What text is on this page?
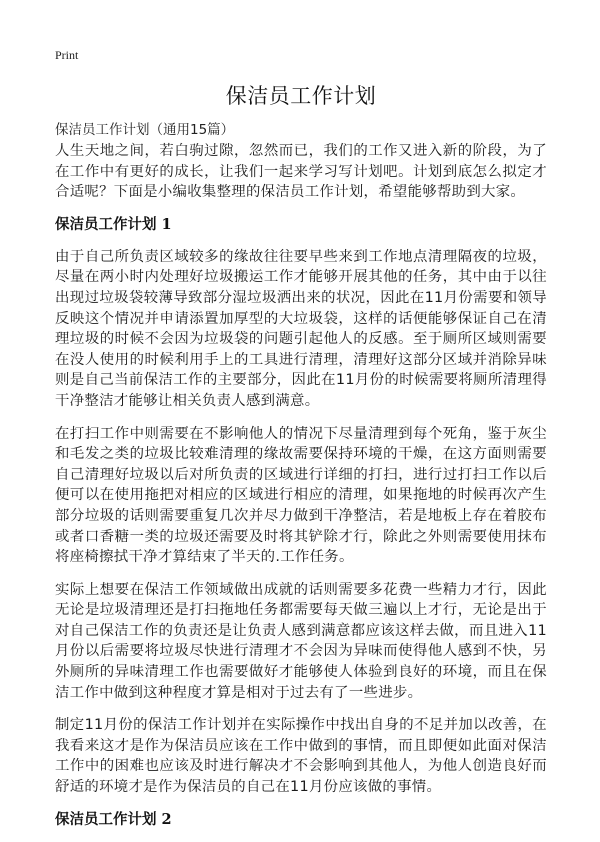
Print
保洁员工作计划
保洁员工作计划（通用15篇）

人生天地之间，若白驹过隙，忽然而已，我们的工作又进入新的阶段，为了在工作中有更好的成长，让我们一起来学习写计划吧。计划到底怎么拟定才合适呢？下面是小编收集整理的保洁员工作计划，希望能够帮助到大家。

保洁员工作计划 1

由于自己所负责区域较多的缘故往往要早些来到工作地点清理隔夜的垃圾，尽量在两小时内处理好垃圾搬运工作才能够开展其他的任务，其中由于以往出现过垃圾袋较薄导致部分湿垃圾洒出来的状况，因此在11月份需要和领导反映这个情况并申请添置加厚型的大垃圾袋，这样的话便能够保证自己在清理垃圾的时候不会因为垃圾袋的问题引起他人的反感。至于厕所区域则需要在没人使用的时候利用手上的工具进行清理，清理好这部分区域并消除异味则是自己当前保洁工作的主要部分，因此在11月份的时候需要将厕所清理得干净整洁才能够让相关负责人感到满意。

在打扫工作中则需要在不影响他人的情况下尽量清理到每个死角，鉴于灰尘和毛发之类的垃圾比较难清理的缘故需要保持环境的干燥，在这方面则需要自己清理好垃圾以后对所负责的区域进行详细的打扫，进行过打扫工作以后便可以在使用拖把对相应的区域进行相应的清理，如果拖地的时候再次产生部分垃圾的话则需要重复几次并尽力做到干净整洁，若是地板上存在着胶布或者口香糖一类的垃圾还需要及时将其铲除才行，除此之外则需要使用抹布将座椅擦拭干净才算结束了半天的.工作任务。

实际上想要在保洁工作领域做出成就的话则需要多花费一些精力才行，因此无论是垃圾清理还是打扫拖地任务都需要每天做三遍以上才行，无论是出于对自己保洁工作的负责还是让负责人感到满意都应该这样去做，而且进入11月份以后需要将垃圾尽快进行清理才不会因为异味而使得他人感到不快，另外厕所的异味清理工作也需要做好才能够使人体验到良好的环境，而且在保洁工作中做到这种程度才算是相对于过去有了一些进步。

制定11月份的保洁工作计划并在实际操作中找出自身的不足并加以改善，在我看来这才是作为保洁员应该在工作中做到的事情，而且即便如此面对保洁工作中的困难也应该及时进行解决才不会影响到其他人，为他人创造良好而舒适的环境才是作为保洁员的自己在11月份应该做的事情。

保洁员工作计划 2
